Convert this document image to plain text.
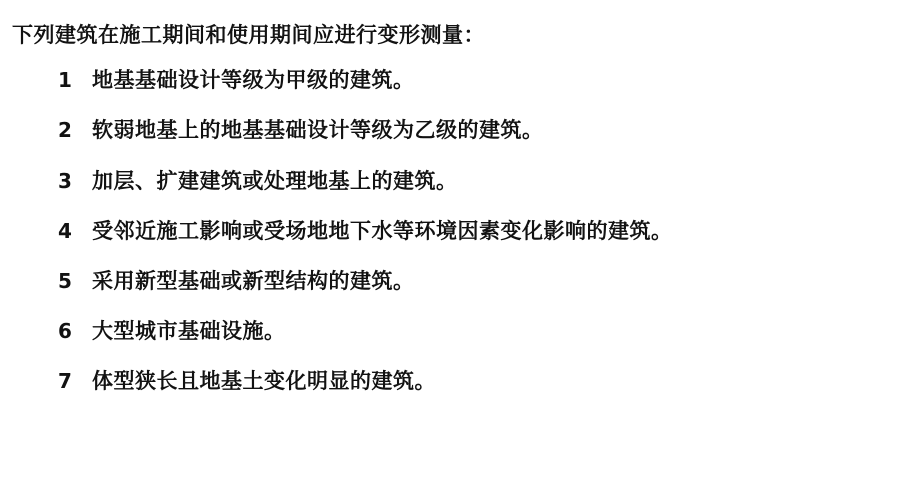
下列建筑在施工期间和使用期间应进行变形测量：
1 地基基础设计等级为甲级的建筑。
2 软弱地基上的地基基础设计等级为乙级的建筑。
3 加层、扩建建筑或处理地基上的建筑。
4 受邻近施工影响或受场地地下水等环境因素变化影响的建筑。
5 采用新型基础或新型结构的建筑。
6 大型城市基础设施。
7 体型狭长且地基土变化明显的建筑。
